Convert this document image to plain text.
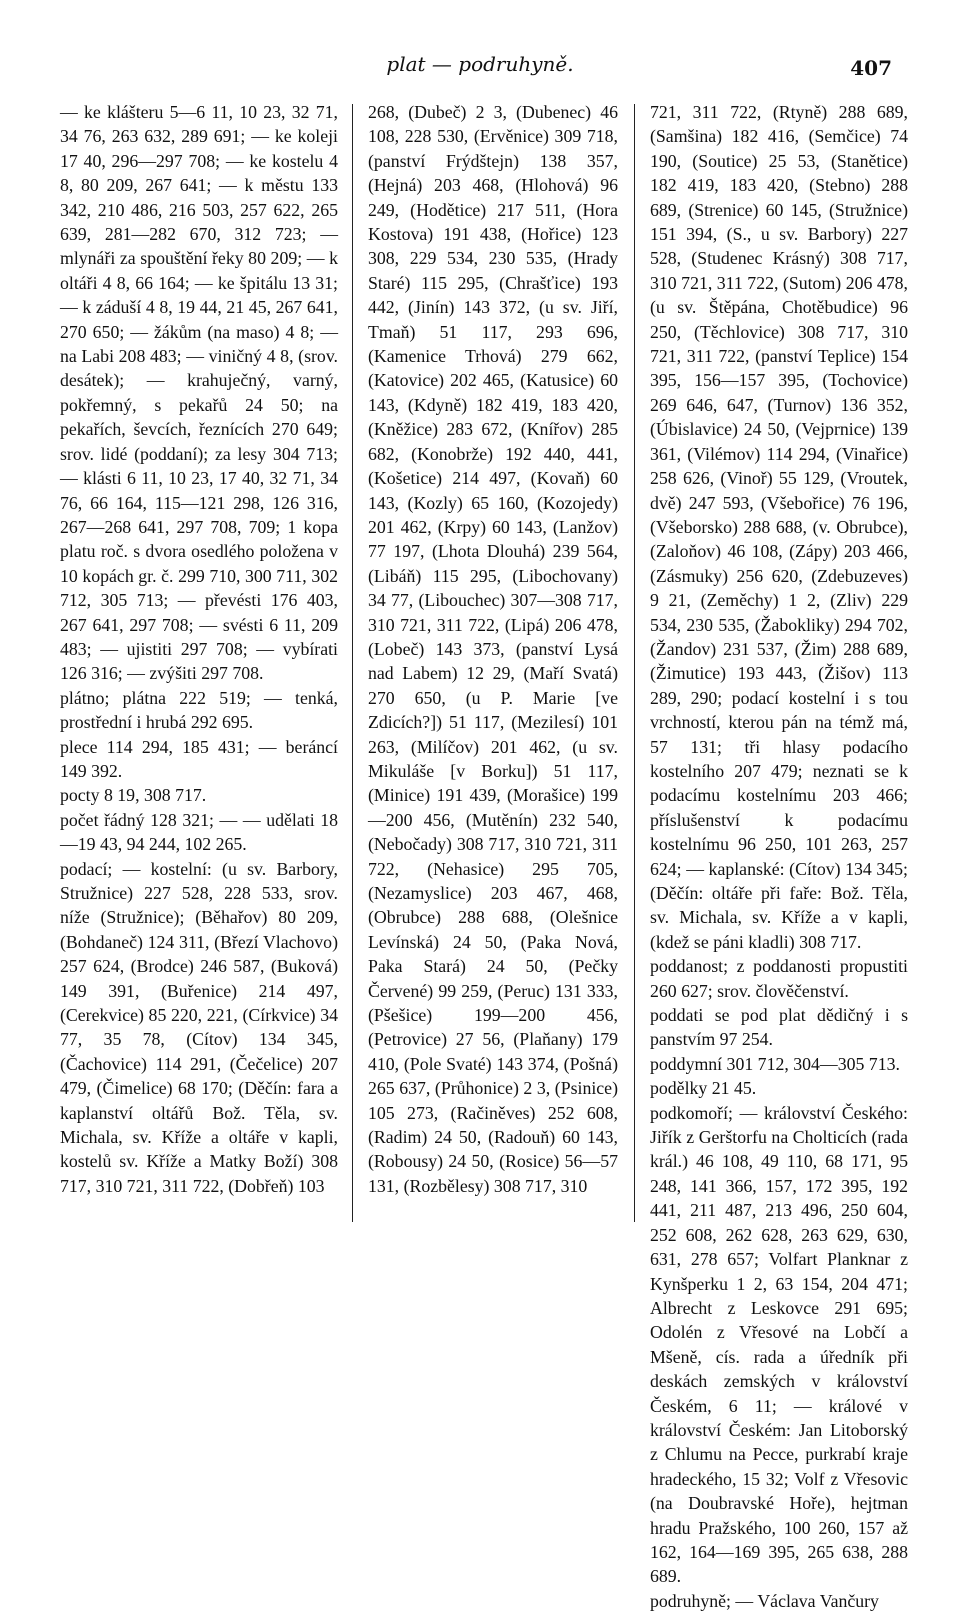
plat — podruhyně.	407

— ke klášteru 5—6 11, 10 23, 32 71, 34 76, 263 632, 289 691; — ke koleji 17 40, 296—297 708; — ke kostelu 4 8, 80 209, 267 641; — k městu 133 342, 210 486, 216 503, 257 622, 265 639, 281—282 670, 312 723; — mlynáři za spouštění řeky 80 209; — k oltáři 4 8, 66 164; — ke špitálu 13 31; — k záduší 4 8, 19 44, 21 45, 267 641, 270 650; — žákům (na maso) 4 8; — na Labi 208 483; — viničný 4 8, (srov. desátek); — krahuječný, varný, pokřemný, s pekařů 24 50; na pekařích, ševcích, řeznících 270 649; srov. lidé (poddaní); za lesy 304 713; — klásti 6 11, 10 23, 17 40, 32 71, 34 76, 66 164, 115—121 298, 126 316, 267—268 641, 297 708, 709; 1 kopa platu roč. s dvora osedlého položena v 10 kopách gr. č. 299 710, 300 711, 302 712, 305 713; — převésti 176 403, 267 641, 297 708; — svésti 6 11, 209 483; — ujistiti 297 708; — vybírati 126 316; — zvýšiti 297 708.

plátno; plátna 222 519; — tenká, prostřední i hrubá 292 695.

plece 114 294, 185 431; — beráncí 149 392.

pocty 8 19, 308 717.

počet řádný 128 321; — — udělati 18—19 43, 94 244, 102 265.

podací; — kostelní: (u sv. Barbory, Stružnice) 227 528, 228 533, srov. níže (Stružnice); (Běhařov) 80 209, (Bohdaneč) 124 311, (Březí Vlachovo) 257 624, (Brodce) 246 587, (Buková) 149 391, (Buřenice) 214 497, (Cerekvice) 85 220, 221, (Církvice) 34 77, 35 78, (Cítov) 134 345, (Čachovice) 114 291, (Čečelice) 207 479, (Čimelice) 68 170; (Děčín: fara a kaplanství oltářů Bož. Těla, sv. Michala, sv. Kříže a oltáře v kapli, kostelů sv. Kříže a Matky Boží) 308 717, 310 721, 311 722, (Dobřeň) 103

268, (Dubeč) 2 3, (Dubenec) 46 108, 228 530, (Ervěnice) 309 718, (panství Frýdštejn) 138 357, (Hejná) 203 468, (Hlohová) 96 249, (Hodětice) 217 511, (Hora Kostova) 191 438, (Hořice) 123 308, 229 534, 230 535, (Hrady Staré) 115 295, (Chrašťice) 193 442, (Jinín) 143 372, (u sv. Jiří, Tmaň) 51 117, 293 696, (Kamenice Trhová) 279 662, (Katovice) 202 465, (Katusice) 60 143, (Kdyně) 182 419, 183 420, (Kněžice) 283 672, (Knířov) 285 682, (Konobrže) 192 440, 441, (Košetice) 214 497, (Kovaň) 60 143, (Kozly) 65 160, (Kozojedy) 201 462, (Krpy) 60 143, (Lanžov) 77 197, (Lhota Dlouhá) 239 564, (Libáň) 115 295, (Libochovany) 34 77, (Libouchec) 307—308 717, 310 721, 311 722, (Lipá) 206 478, (Lobeč) 143 373, (panství Lysá nad Labem) 12 29, (Maří Svatá) 270 650, (u P. Marie [ve Zdicích?]) 51 117, (Mezilesí) 101 263, (Milíčov) 201 462, (u sv. Mikuláše [v Borku]) 51 117, (Minice) 191 439, (Morašice) 199—200 456, (Mutěnín) 232 540, (Nebočady) 308 717, 310 721, 311 722, (Nehasice) 295 705, (Nezamyslice) 203 467, 468, (Obrubce) 288 688, (Olešnice Levínská) 24 50, (Paka Nová, Paka Stará) 24 50, (Pečky Červené) 99 259, (Peruc) 131 333, (Pšešice) 199—200 456, (Petrovice) 27 56, (Plaňany) 179 410, (Pole Svaté) 143 374, (Pošná) 265 637, (Průhonice) 2 3, (Psinice) 105 273, (Račiněves) 252 608, (Radim) 24 50, (Radouň) 60 143, (Robousy) 24 50, (Rosice) 56—57 131, (Rozbělesy) 308 717, 310

721, 311 722, (Rtyně) 288 689, (Samšina) 182 416, (Semčice) 74 190, (Soutice) 25 53, (Stanětice) 182 419, 183 420, (Stebno) 288 689, (Strenice) 60 145, (Stružnice) 151 394, (S., u sv. Barbory) 227 528, (Studenec Krásný) 308 717, 310 721, 311 722, (Sutom) 206 478, (u sv. Štěpána, Chotěbudice) 96 250, (Těchlovice) 308 717, 310 721, 311 722, (panství Teplice) 154 395, 156—157 395, (Tochovice) 269 646, 647, (Turnov) 136 352, (Úbislavice) 24 50, (Vejprnice) 139 361, (Vilémov) 114 294, (Vinařice) 258 626, (Vinoř) 55 129, (Vroutek, dvě) 247 593, (Všebořice) 76 196, (Všeborsko) 288 688, (v. Obrubce), (Zaloňov) 46 108, (Zápy) 203 466, (Zásmuky) 256 620, (Zdebuzeves) 9 21, (Zeměchy) 1 2, (Zliv) 229 534, 230 535, (Žabokliky) 294 702, (Žandov) 231 537, (Žim) 288 689, (Žimutice) 193 443, (Žišov) 113 289, 290; podací kostelní i s tou vrchností, kterou pán na témž má, 57 131; tři hlasy podacího kostelního 207 479; neznati se k podacímu kostelnímu 203 466; příslušenství k podacímu kostelnímu 96 250, 101 263, 257 624; — kaplanské: (Cítov) 134 345; (Děčín: oltáře při faře: Bož. Těla, sv. Michala, sv. Kříže a v kapli, (kdež se páni kladli) 308 717.

poddanost; z poddanosti propustiti 260 627; srov. člověčenství.

poddati se pod plat dědičný i s panstvím 97 254.

poddymní 301 712, 304—305 713.

podělky 21 45.

podkomoří; — království Českého: Jiřík z Gerštorfu na Cholticích (rada král.) 46 108, 49 110, 68 171, 95 248, 141 366, 157, 172 395, 192 441, 211 487, 213 496, 250 604, 252 608, 262 628, 263 629, 630, 631, 278 657; Volfart Planknar z Kynšperku 1 2, 63 154, 204 471; Albrecht z Leskovce 291 695; Odolén z Vřesové na Lobčí a Mšeně, cís. rada a úředník při deskách zemských v království Českém, 6 11; — králové v království Českém: Jan Litoborský z Chlumu na Pecce, purkrabí kraje hradeckého, 15 32; Volf z Vřesovic (na Doubravské Hoře), hejtman hradu Pražského, 100 260, 157 až 162, 164—169 395, 265 638, 288 689.

podruhyně; — Václava Vančury
